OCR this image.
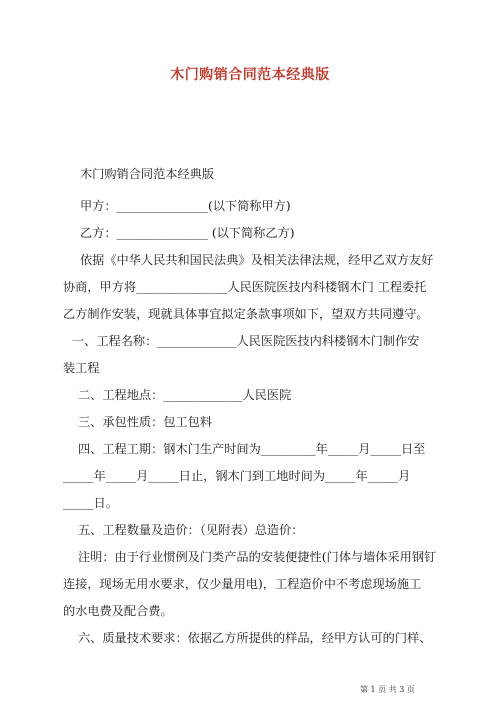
木门购销合同范本经典版
木门购销合同范本经典版
甲方：_______________(以下简称甲方)
乙方：_______________ (以下简称乙方)
依据《中华人民共和国民法典》及相关法律法规，经甲乙双方友好
协商，甲方将_______________人民医院医技内科楼钢木门 工程委托
乙方制作安装，现就具体事宜拟定条款事项如下，望双方共同遵守。
一、工程名称：_____________人民医院医技内科楼钢木门制作安
装工程
二、工程地点：_____________人民医院
三、承包性质：包工包料
四、工程工期：钢木门生产时间为_________年_____月_____日至
_____年_____月_____日止，钢木门到工地时间为_____年_____月
_____日。
五、工程数量及造价：（见附表）总造价：
注明：由于行业惯例及门类产品的安装便捷性(门体与墙体采用钢钉
连接，现场无用水要求，仅少量用电)，工程造价中不考虑现场施工
的水电费及配合费。
六、质量技术要求：依据乙方所提供的样品，经甲方认可的门样、
第 1 页 共 3 页
